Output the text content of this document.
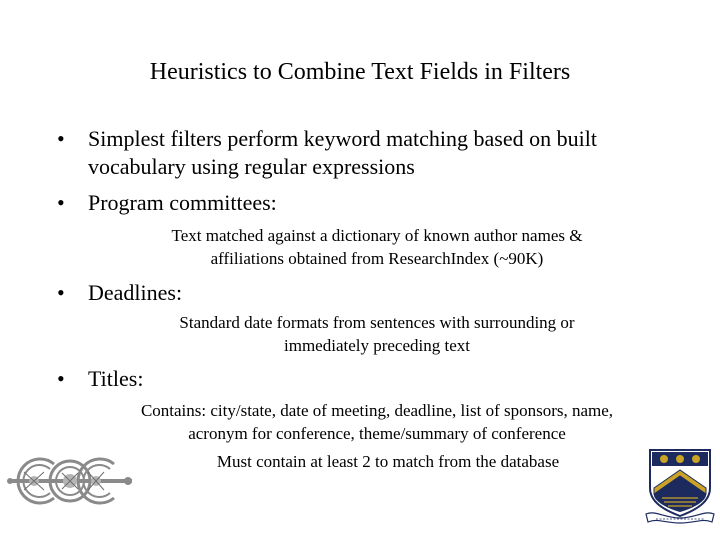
Heuristics to Combine Text Fields in Filters
•	Simplest filters perform keyword matching based on built
vocabulary using regular expressions
•	Program committees:
Text matched against a dictionary of known author names &
affiliations obtained from ResearchIndex (~90K)
•	Deadlines:
Standard date formats from sentences with surrounding or
immediately preceding text
•	Titles:
Contains: city/state, date of meeting, deadline, list of sponsors, name,
acronym for conference, theme/summary of conference
Must contain at least 2 to match from the database
